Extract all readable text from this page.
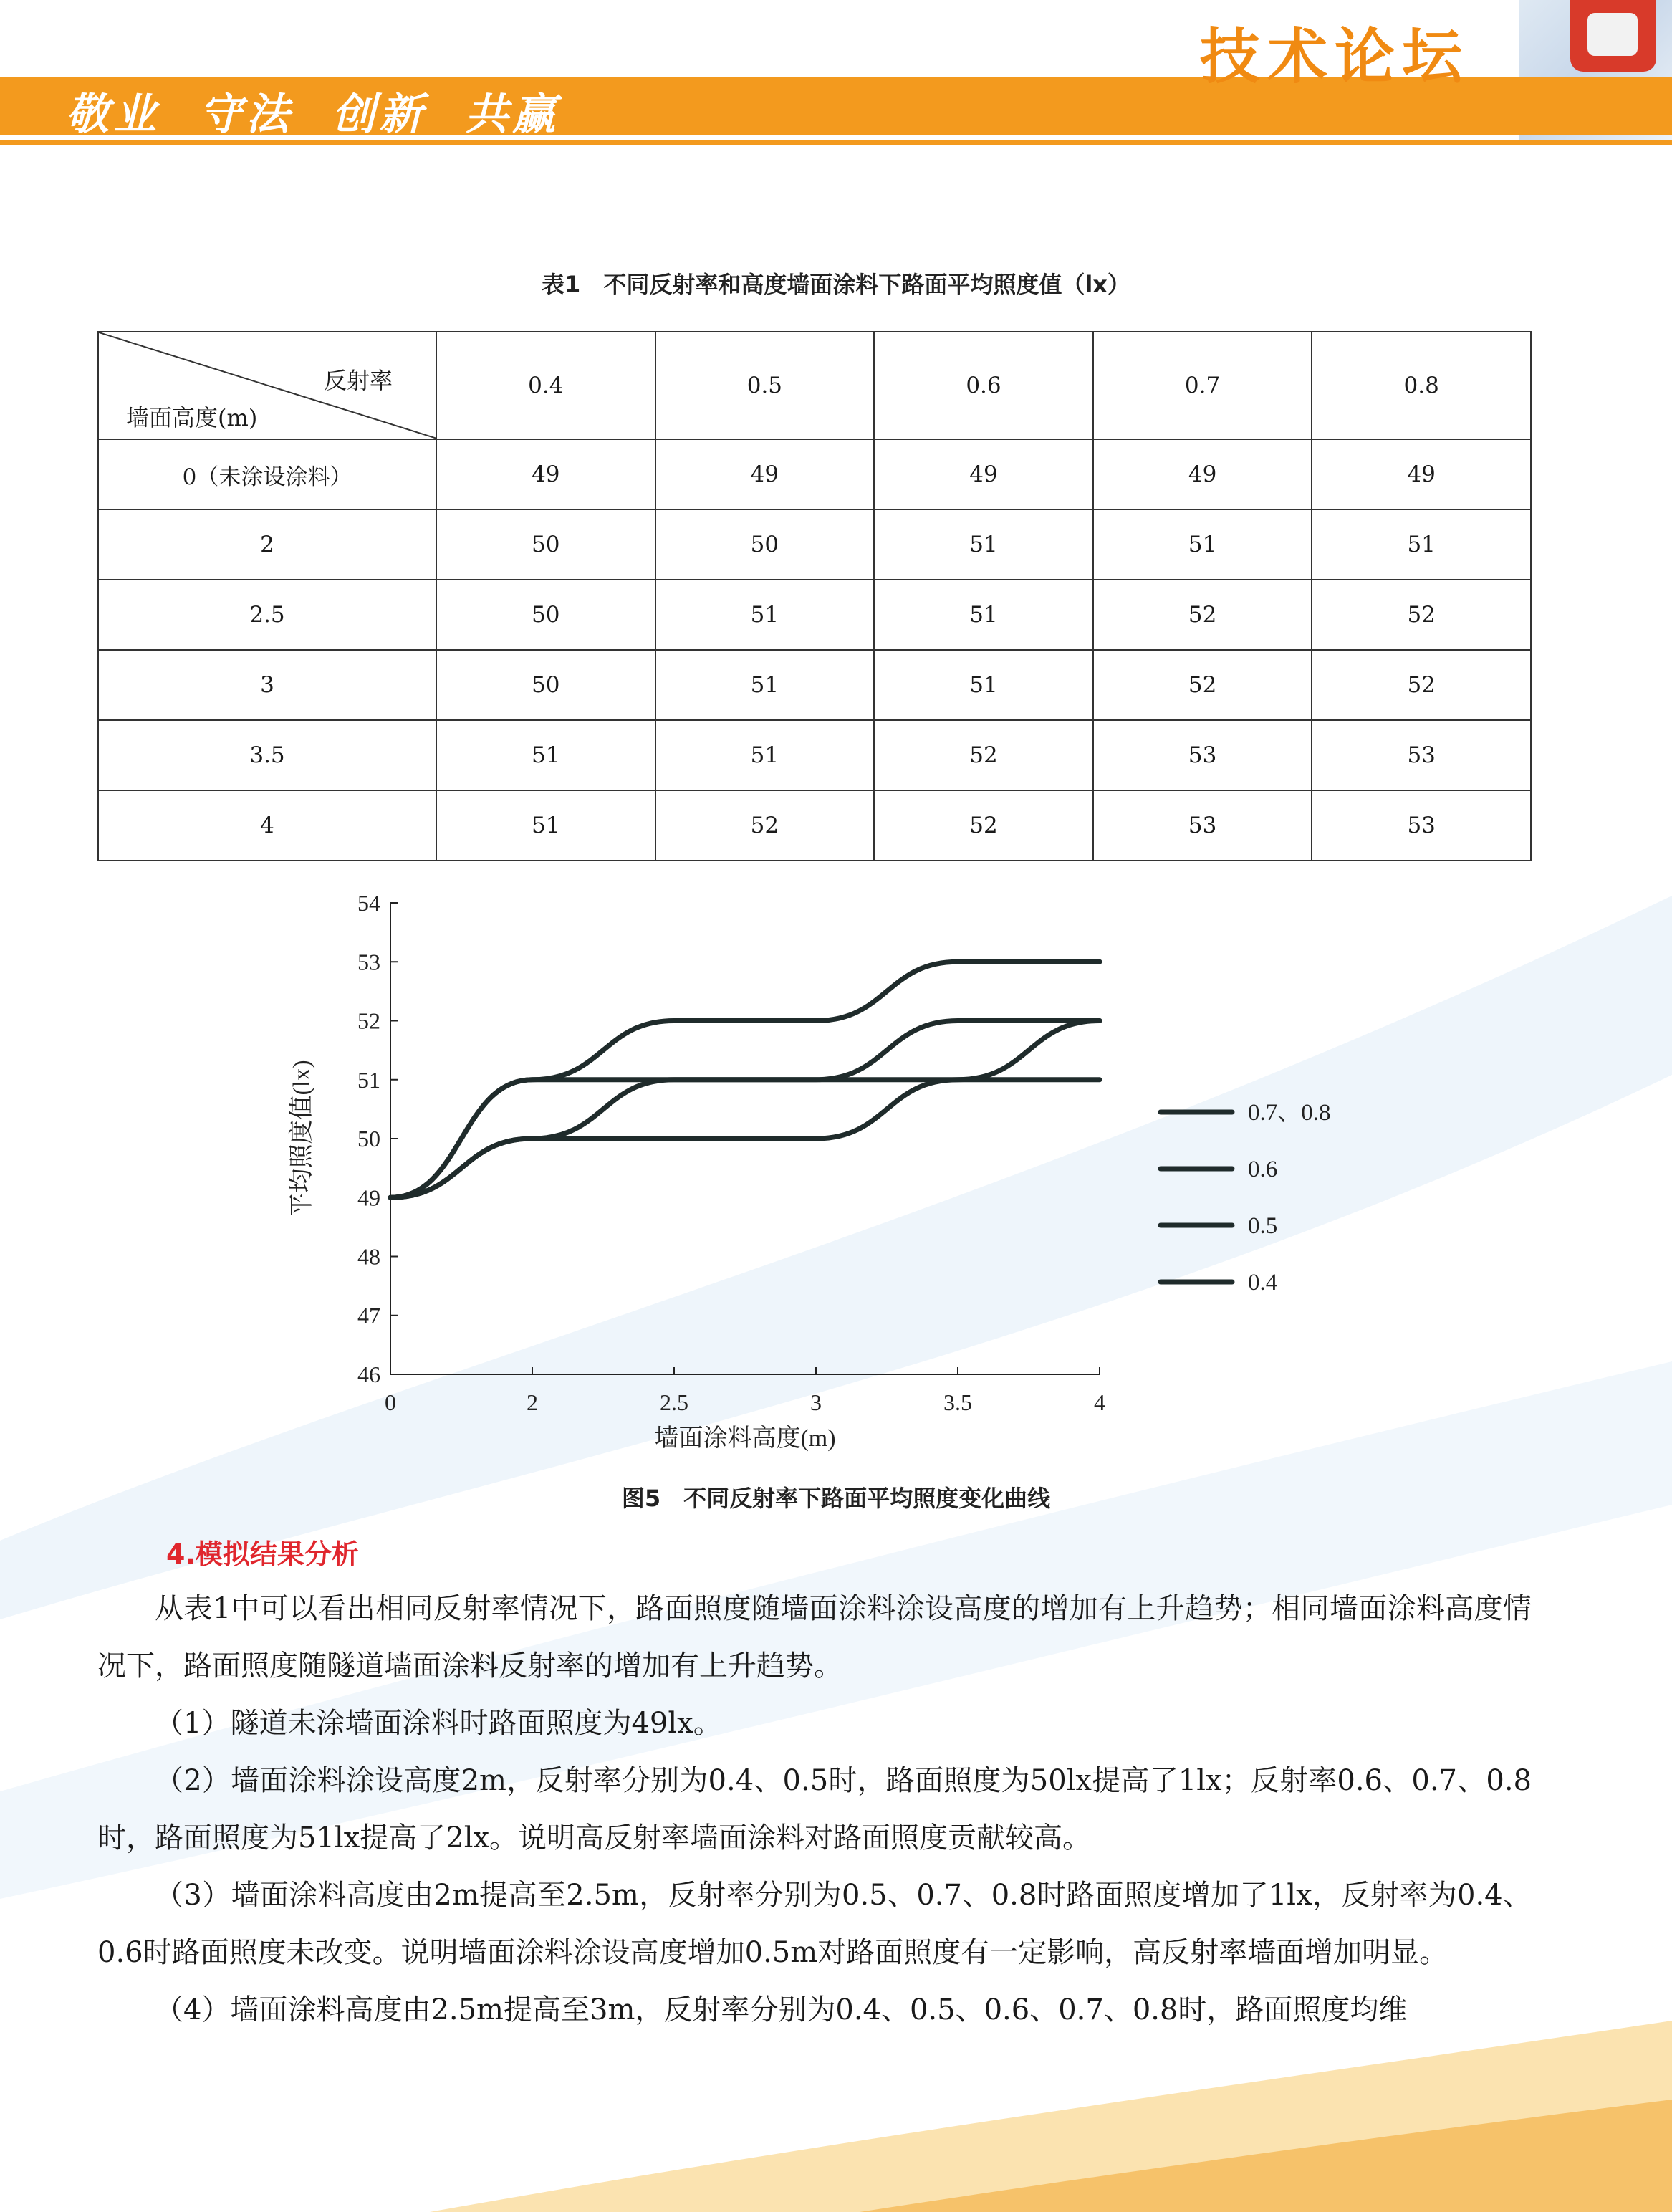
敬业  守法  创新  共赢
技术论坛
表1　不同反射率和高度墙面涂料下路面平均照度值（lx）
反射率
墙面高度(m)	0.4	0.5	0.6	0.7	0.8
0（未涂设涂料）	49	49	49	49	49
2	50	50	51	51	51
2.5	50	51	51	52	52
3	50	51	51	52	52
3.5	51	51	52	53	53
4	51	52	52	53	53
46
47
48
49
50
51
52
53
54
0	2	2.5	3	3.5	4
墙面涂料高度(m)
平均照度值(lx)	0.7、0.8
0.6
0.5
0.4
图5　不同反射率下路面平均照度变化曲线
4.模拟结果分析

从表1中可以看出相同反射率情况下，路面照度随墙面涂料涂设高度的增加有上升趋势；相同墙面涂料高度情况下，路面照度随隧道墙面涂料反射率的增加有上升趋势。

（1）隧道未涂墙面涂料时路面照度为49lx。

（2）墙面涂料涂设高度2m，反射率分别为0.4、0.5时，路面照度为50lx提高了1lx；反射率0.6、0.7、0.8时，路面照度为51lx提高了2lx。说明高反射率墙面涂料对路面照度贡献较高。

（3）墙面涂料高度由2m提高至2.5m，反射率分别为0.5、0.7、0.8时路面照度增加了1lx，反射率为0.4、0.6时路面照度未改变。说明墙面涂料涂设高度增加0.5m对路面照度有一定影响，高反射率墙面增加明显。

（4）墙面涂料高度由2.5m提高至3m，反射率分别为0.4、0.5、0.6、0.7、0.8时，路面照度均维
